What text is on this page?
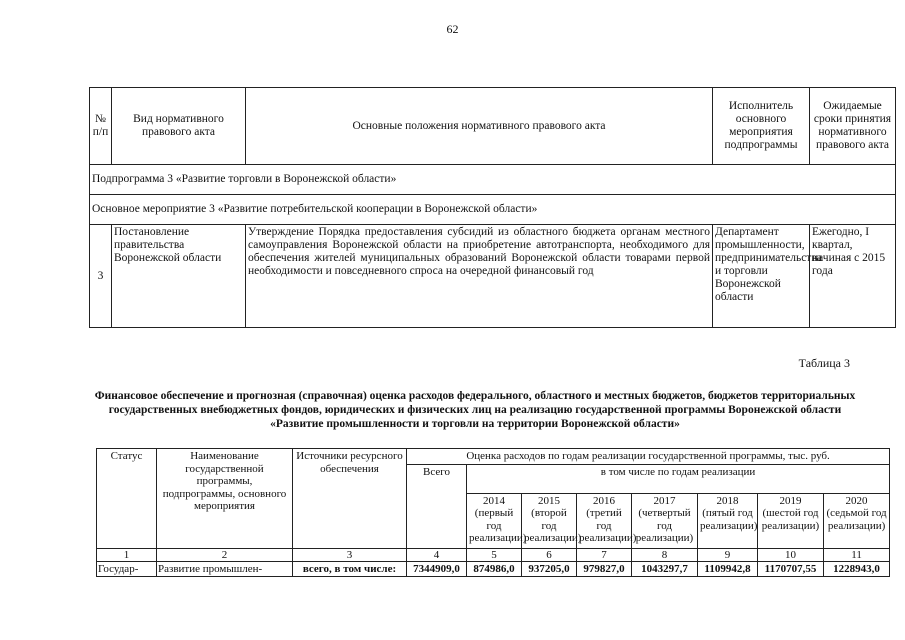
62
№
п/п	Вид нормативного правового акта	Основные положения нормативного правового акта	Исполнитель основного мероприятия подпрограммы	Ожидаемые сроки принятия нормативного правового акта
Подпрограмма 3 «Развитие торговли в Воронежской области»				
Основное мероприятие 3 «Развитие потребительской кооперации в Воронежской области»				
3	Постановление правительства Воронежской области	Утверждение Порядка предоставления субсидий из областного бюджета органам местного самоуправления Воронежской области на приобретение автотранспорта, необходимого для обеспечения жителей муниципальных образований Воронежской области товарами первой необходимости и повседневного спроса на очередной финансовый год	Департамент промышленности, предпринимательства и торговли Воронежской области	Ежегодно, I квартал, начиная с 2015 года
Таблица 3
Финансовое обеспечение и прогнозная (справочная) оценка расходов федерального, областного и местных бюджетов, бюджетов территориальных государственных внебюджетных фондов, юридических и физических лиц на реализацию государственной программы Воронежской области «Развитие промышленности и торговли на территории Воронежской области»
Статус	Наименование государственной программы, подпрограммы, основного мероприятия	Источники ресурсного обеспечения	Оценка расходов по годам реализации государственной программы, тыс. руб.							
			Всего	в том числе по годам реализации						
				2014 (первый год реализации)	2015 (второй год реализации)	2016 (третий год реализации)	2017 (четвертый год реализации)	2018 (пятый год реализации)	2019 (шестой год реализации)	2020 (седьмой год реализации)
1	2	3	4	5	6	7	8	9	10	11
Государ-	Развитие промышлен-	всего, в том числе:	7344909,0	874986,0	937205,0	979827,0	1043297,7	1109942,8	1170707,55	1228943,0
